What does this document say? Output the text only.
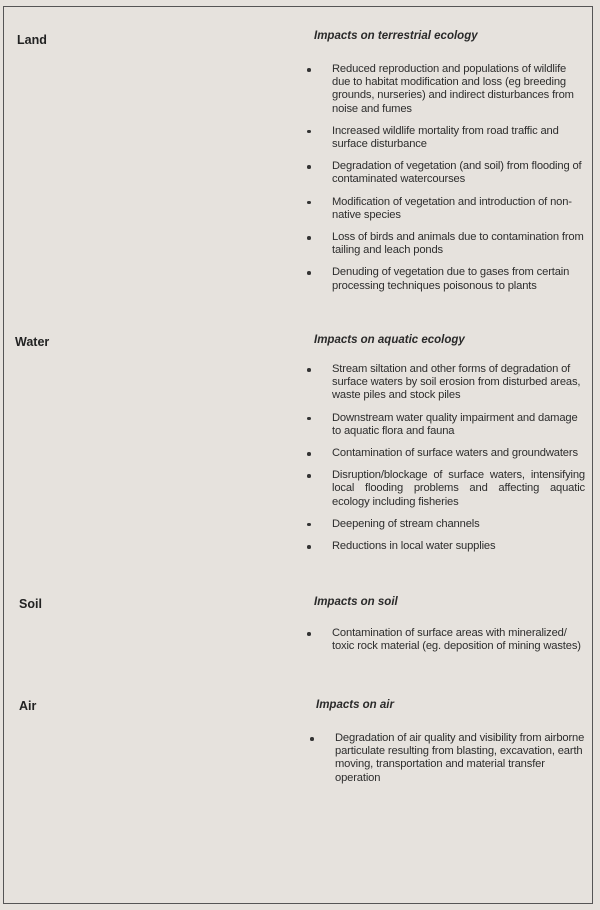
Land	Impacts on terrestrial ecology
Reduced reproduction and populations of wildlife due to habitat modification and loss (eg breeding grounds, nurseries) and indirect disturbances from noise and fumes
Increased wildlife mortality from road traffic and surface disturbance
Degradation of vegetation (and soil) from flooding of contaminated watercourses
Modification of vegetation and introduction of non-native species
Loss of birds and animals due to contamination from tailing and leach ponds
Denuding of vegetation due to gases from certain processing techniques poisonous to plants
Water	Impacts on aquatic ecology
Stream siltation and other forms of degradation of surface waters by soil erosion from disturbed areas, waste piles and stock piles
Downstream water quality impairment and damage to aquatic flora and fauna
Contamination of surface waters and groundwaters
Disruption/blockage of surface waters, intensifying local flooding problems and affecting aquatic ecology including fisheries
Deepening of stream channels
Reductions in local water supplies
Soil	Impacts on soil
Contamination of surface areas with mineralized/ toxic rock material (eg. deposition of mining wastes)
Air	Impacts on air
Degradation of air quality and visibility from airborne particulate resulting from blasting, excavation, earth moving, transportation and material transfer operation
